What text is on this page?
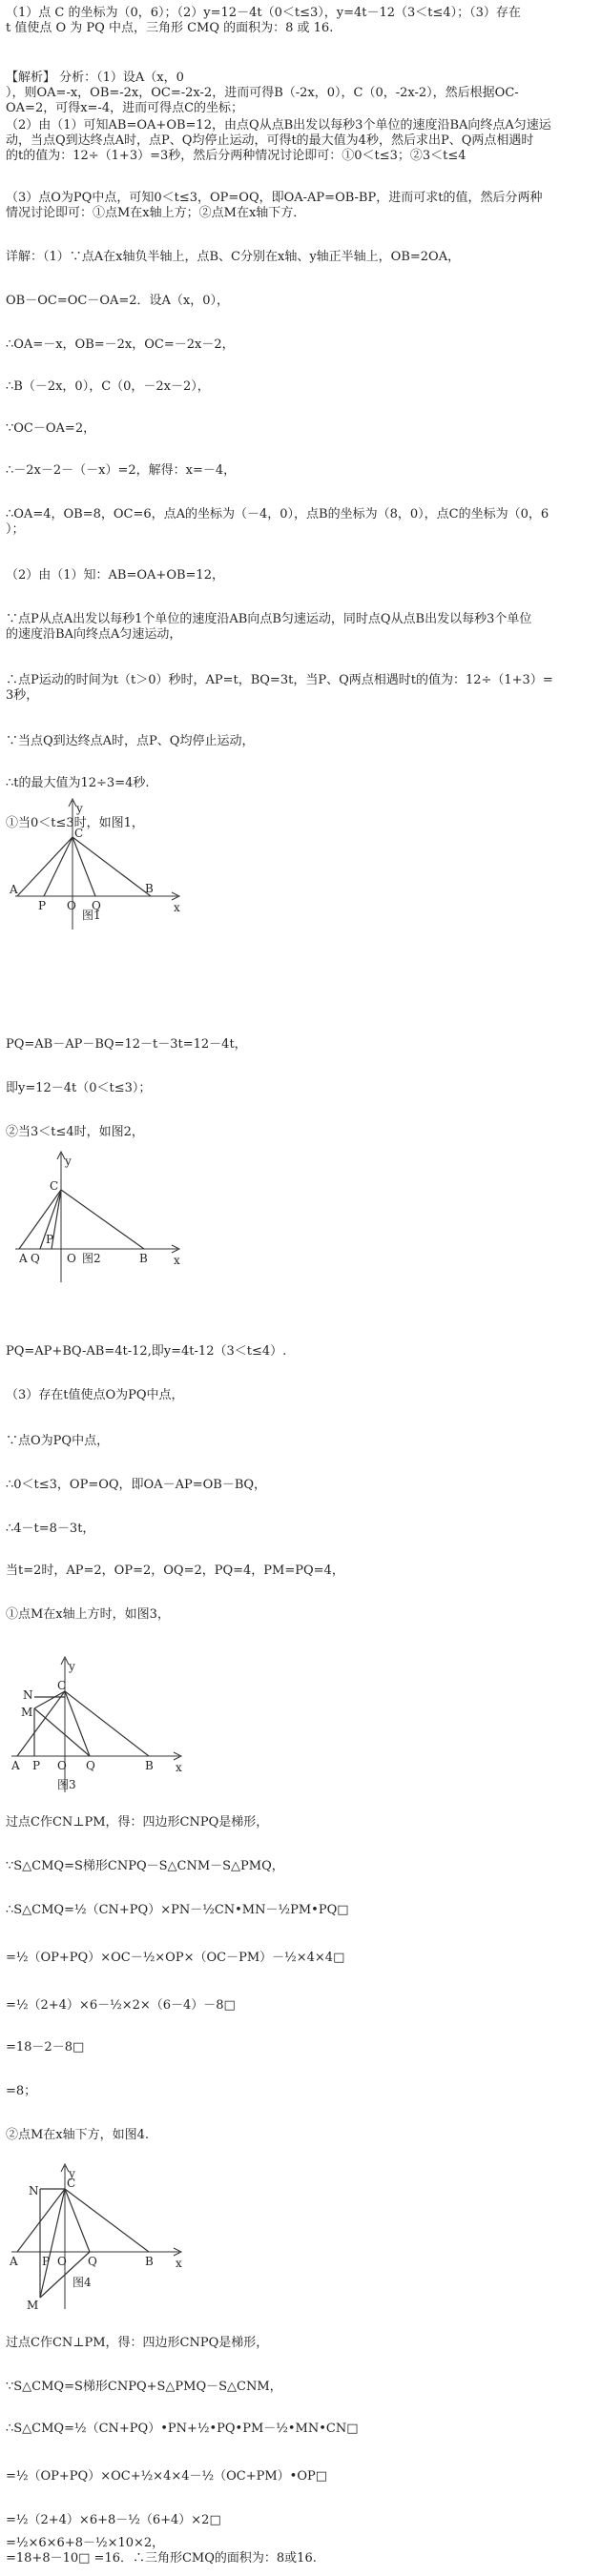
（1）点 C 的坐标为（0，6）；（2）y=12－4t（0＜t≤3），y=4t－12（3＜t≤4）；（3）存在
t 值使点 O 为 PQ 中点，三角形 CMQ 的面积为：8 或 16.
【解析】 分析：（1）设A（x，0
），则OA=-x，OB=-2x，OC=-2x-2，进而可得B（-2x，0），C（0，-2x-2），然后根据OC-
OA=2，可得x=-4，进而可得点C的坐标；
（2）由（1）可知AB=OA+OB=12，由点Q从点B出发以每秒3个单位的速度沿BA向终点A匀速运
动，当点Q到达终点A时，点P、Q均停止运动，可得t的最大值为4秒，然后求出P、Q两点相遇时
的t的值为：12÷（1+3）=3秒，然后分两种情况讨论即可：①0＜t≤3；②3＜t≤4
（3）点O为PQ中点，可知0＜t≤3，OP=OQ，即OA-AP=OB-BP，进而可求t的值，然后分两种
情况讨论即可：①点M在x轴上方；②点M在x轴下方．
详解：（1）∵点A在x轴负半轴上，点B、C分别在x轴、y轴正半轴上，OB=2OA，
OB－OC=OC－OA=2．设A（x，0），
∴OA=－x，OB=－2x，OC=－2x－2，
∴B（－2x，0），C（0，－2x－2），
∵OC－OA=2，
∴－2x－2－（－x）=2，解得：x=－4，
∴OA=4，OB=8，OC=6，点A的坐标为（－4，0），点B的坐标为（8，0），点C的坐标为（0，6
）；
（2）由（1）知：AB=OA+OB=12，
∵点P从点A出发以每秒1个单位的速度沿AB向点B匀速运动，同时点Q从点B出发以每秒3个单位
的速度沿BA向终点A匀速运动，
∴点P运动的时间为t（t＞0）秒时，AP=t，BQ=3t，当P、Q两点相遇时t的值为：12÷（1+3）=
3秒，
∵当点Q到达终点A时，点P、Q均停止运动，
∴t的最大值为12÷3=4秒.
①当0＜t≤3时，如图1，
PQ=AB－AP－BQ=12－t－3t=12－4t，
即y=12－4t（0＜t≤3）；
②当3＜t≤4时，如图2，
PQ=AP+BQ-AB=4t-12,即y=4t-12（3＜t≤4）.
（3）存在t值使点O为PQ中点，
∵点O为PQ中点，
∴0＜t≤3，OP=OQ，即OA－AP=OB－BQ，
∴4－t=8－3t，
当t=2时，AP=2，OP=2，OQ=2，PQ=4，PM=PQ=4，
①点M在x轴上方时，如图3，
过点C作CN⊥PM，得：四边形CNPQ是梯形，
∵S△CMQ=S梯形CNPQ－S△CNM－S△PMQ，
∴S△CMQ=½（CN+PQ）×PN－½CN•MN－½PM•PQ□
=½（OP+PQ）×OC－½×OP×（OC－PM）－½×4×4□
=½（2+4）×6－½×2×（6－4）－8□
=18－2－8□
=8；
②点M在x轴下方，如图4.
过点C作CN⊥PM，得：四边形CNPQ是梯形，
∵S△CMQ=S梯形CNPQ+S△PMQ－S△CNM，
∴S△CMQ=½（CN+PQ）•PN+½•PQ•PM－½•MN•CN□
=½（OP+PQ）×OC+½×4×4－½（OC+PM）•OP□
=½（2+4）×6+8－½（6+4）×2□
=½×6×6+8－½×10×2，
=18+8－10□ =16．∴三角形CMQ的面积为：8或16.
y
x
C
A
P O Q
B
图1
y
x
C
A Q
P
O	B
图2
y
x
C
N
M
A P O Q	B
图3
y
x
C
N
M
A P O Q	B
图4
